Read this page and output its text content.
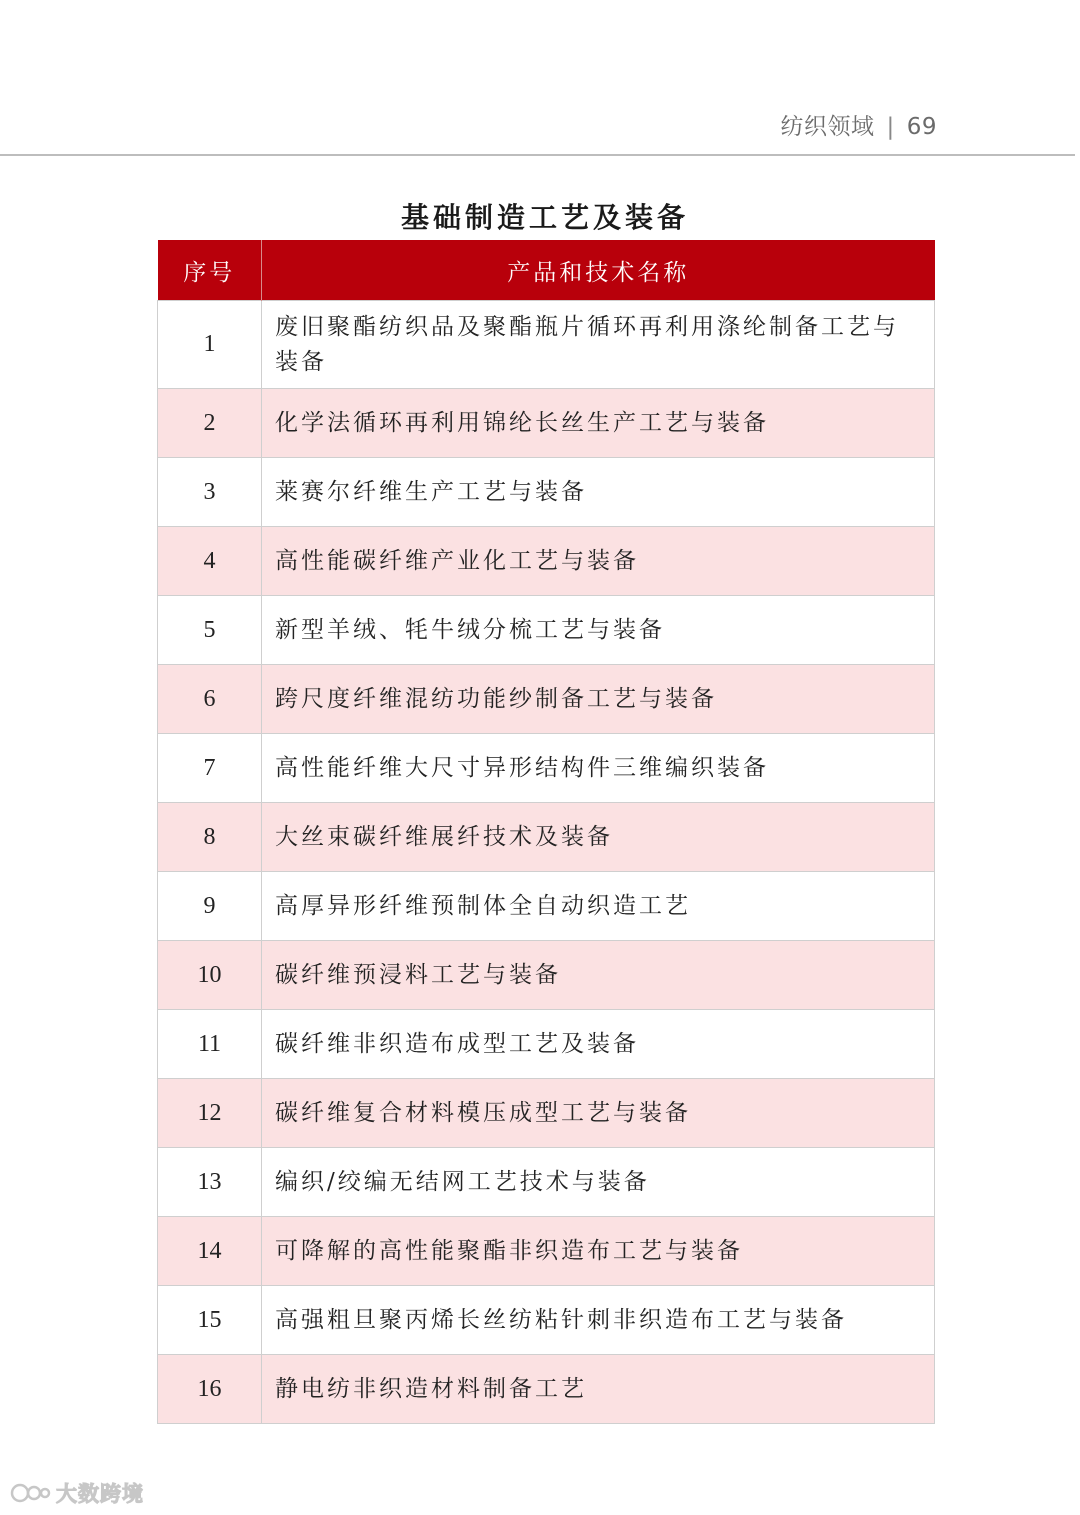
纺织领域 | 69
基础制造工艺及装备
序号	产品和技术名称
1	废旧聚酯纺织品及聚酯瓶片循环再利用涤纶制备工艺与装备
2	化学法循环再利用锦纶长丝生产工艺与装备
3	莱赛尔纤维生产工艺与装备
4	高性能碳纤维产业化工艺与装备
5	新型羊绒、牦牛绒分梳工艺与装备
6	跨尺度纤维混纺功能纱制备工艺与装备
7	高性能纤维大尺寸异形结构件三维编织装备
8	大丝束碳纤维展纤技术及装备
9	高厚异形纤维预制体全自动织造工艺
10	碳纤维预浸料工艺与装备
11	碳纤维非织造布成型工艺及装备
12	碳纤维复合材料模压成型工艺与装备
13	编织/绞编无结网工艺技术与装备
14	可降解的高性能聚酯非织造布工艺与装备
15	高强粗旦聚丙烯长丝纺粘针刺非织造布工艺与装备
16	静电纺非织造材料制备工艺
大数跨境
